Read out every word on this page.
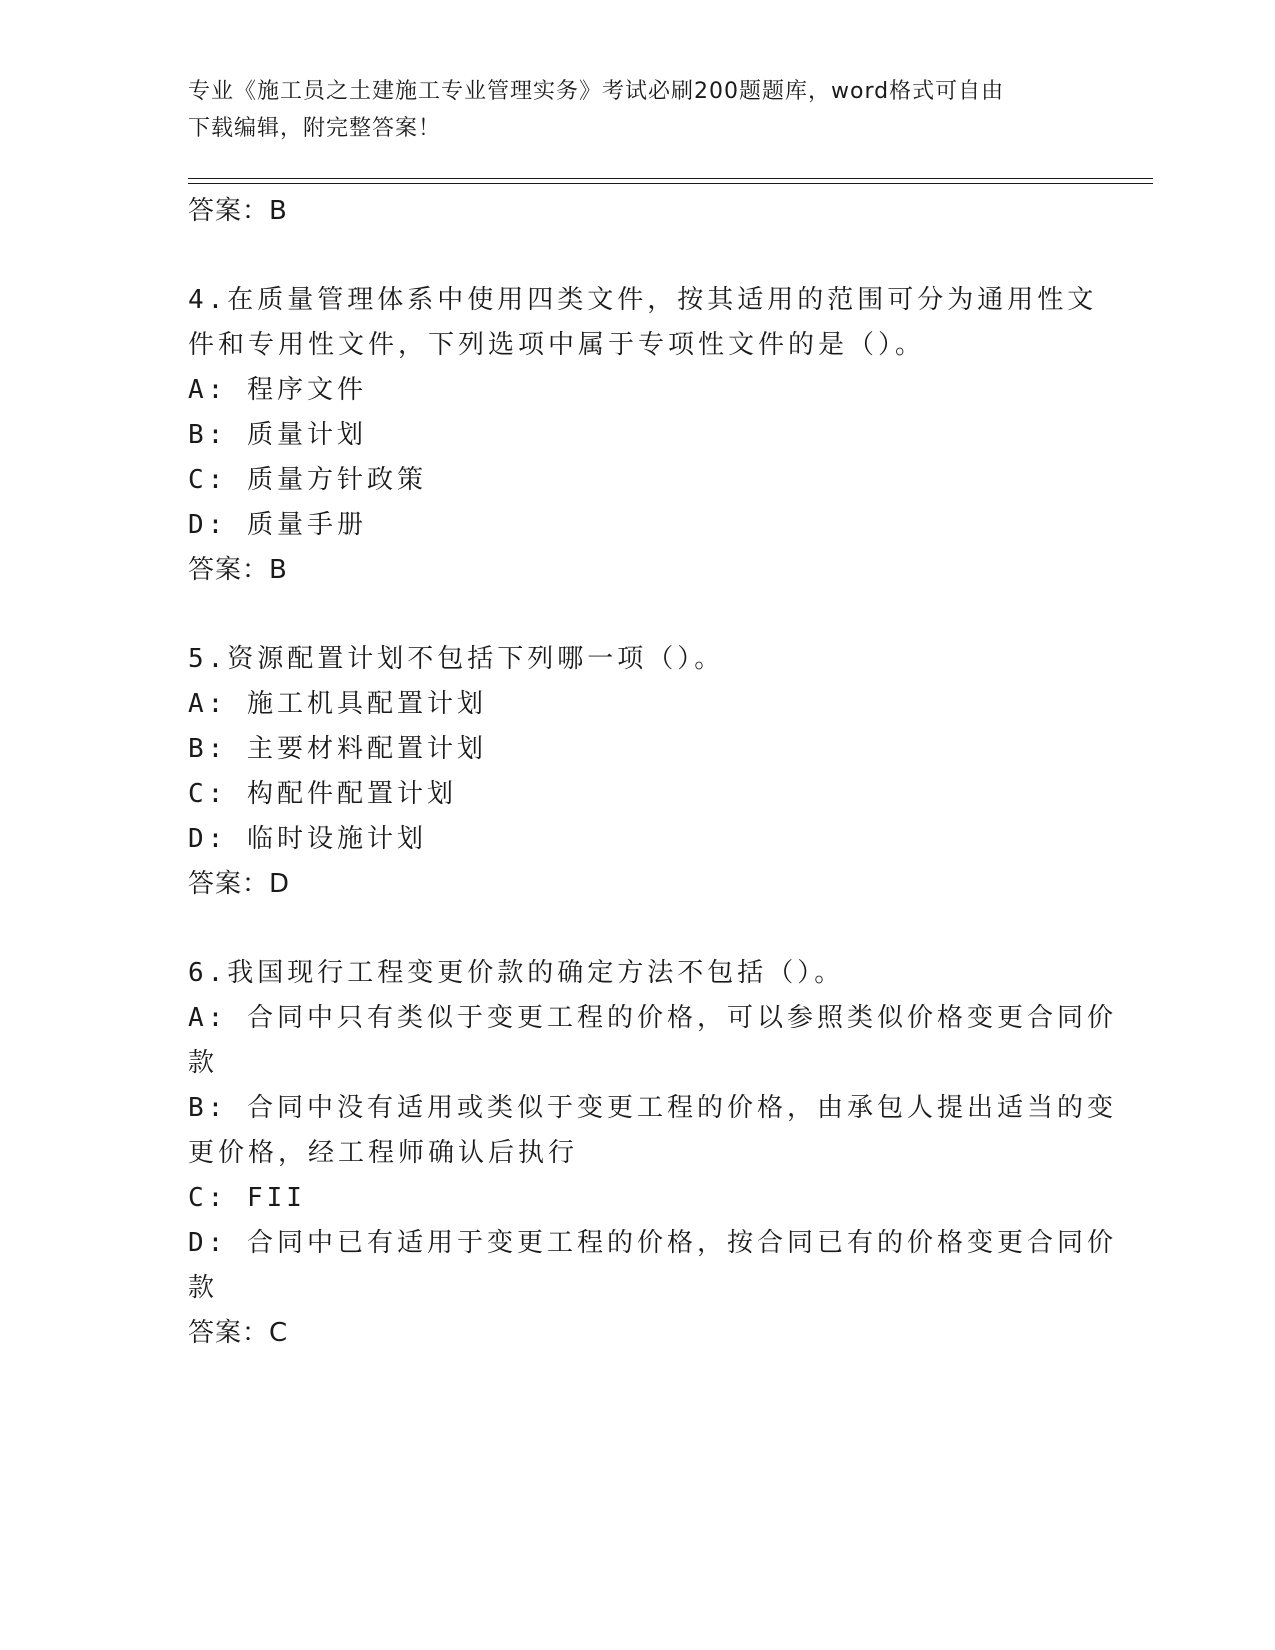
专业《施工员之土建施工专业管理实务》考试必刷200题题库，word格式可自由
下载编辑，附完整答案！
答案：B
4.在质量管理体系中使用四类文件，按其适用的范围可分为通用性文
件和专用性文件，下列选项中属于专项性文件的是（）。
A: 程序文件
B: 质量计划
C: 质量方针政策
D: 质量手册
答案：B
5.资源配置计划不包括下列哪一项（）。
A: 施工机具配置计划
B: 主要材料配置计划
C: 构配件配置计划
D: 临时设施计划
答案：D
6.我国现行工程变更价款的确定方法不包括（）。
A: 合同中只有类似于变更工程的价格，可以参照类似价格变更合同价
款
B: 合同中没有适用或类似于变更工程的价格，由承包人提出适当的变
更价格，经工程师确认后执行
C: FII
D: 合同中已有适用于变更工程的价格，按合同已有的价格变更合同价
款
答案：C
